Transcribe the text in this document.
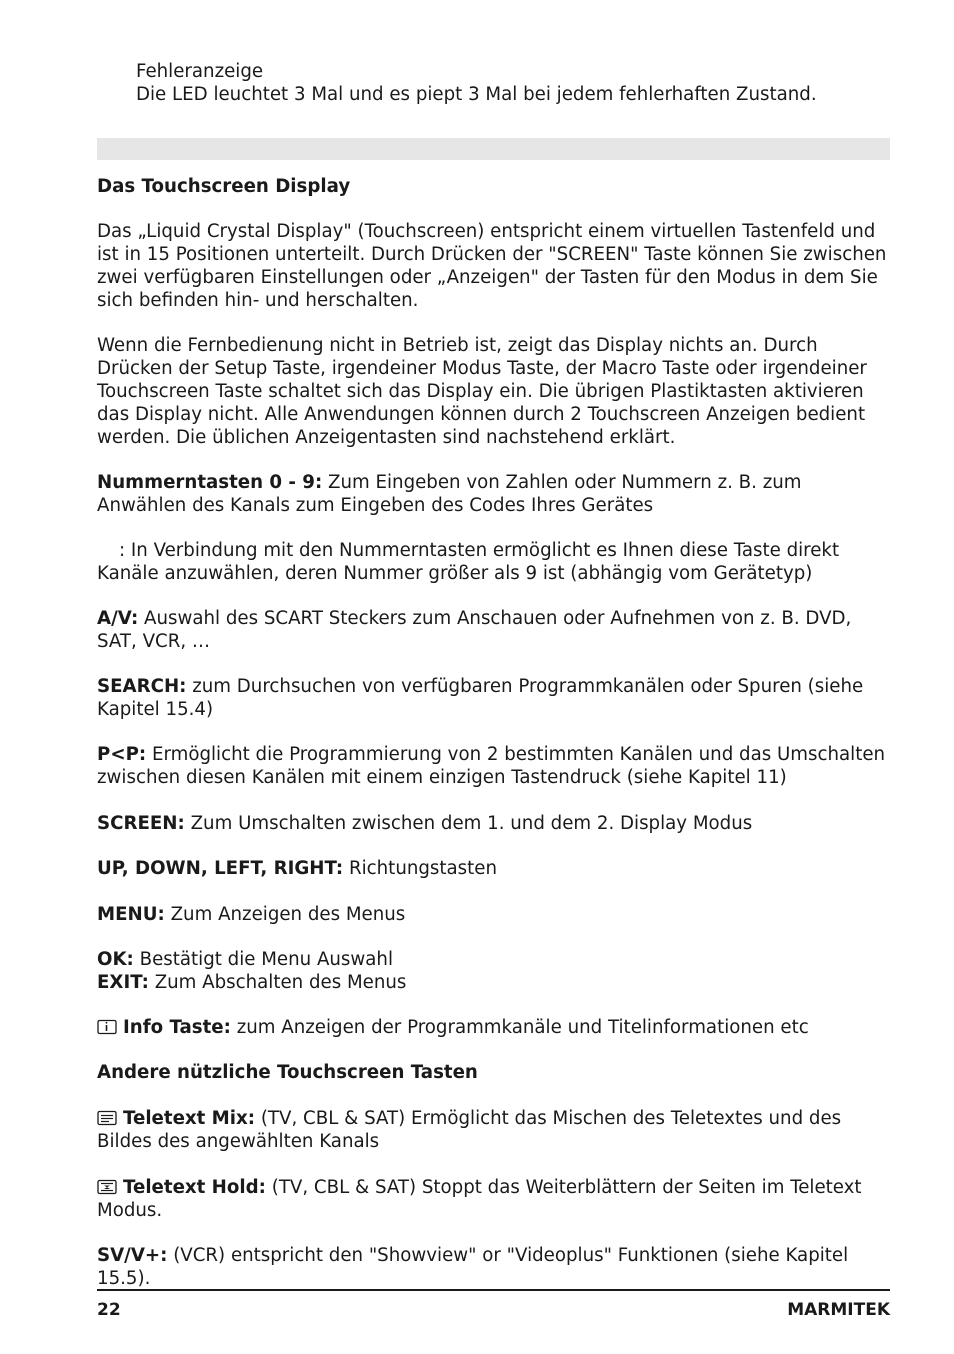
Fehleranzeige
Die LED leuchtet 3 Mal und es piept 3 Mal bei jedem fehlerhaften Zustand.

Das Touchscreen Display

Das „Liquid Crystal Display" (Touchscreen) entspricht einem virtuellen Tastenfeld und ist in 15 Positionen unterteilt. Durch Drücken der "SCREEN" Taste können Sie zwischen zwei verfügbaren Einstellungen oder „Anzeigen" der Tasten für den Modus in dem Sie sich befinden hin- und herschalten.

Wenn die Fernbedienung nicht in Betrieb ist, zeigt das Display nichts an. Durch Drücken der Setup Taste, irgendeiner Modus Taste, der Macro Taste oder irgendeiner Touchscreen Taste schaltet sich das Display ein. Die übrigen Plastiktasten aktivieren das Display nicht. Alle Anwendungen können durch 2 Touchscreen Anzeigen bedient werden. Die üblichen Anzeigentasten sind nachstehend erklärt.

Nummerntasten 0 - 9: Zum Eingeben von Zahlen oder Nummern z. B. zum Anwählen des Kanals zum Eingeben des Codes Ihres Gerätes

: In Verbindung mit den Nummerntasten ermöglicht es Ihnen diese Taste direkt Kanäle anzuwählen, deren Nummer größer als 9 ist (abhängig vom Gerätetyp)

A/V: Auswahl des SCART Steckers zum Anschauen oder Aufnehmen von z. B. DVD, SAT, VCR, …

SEARCH: zum Durchsuchen von verfügbaren Programmkanälen oder Spuren (siehe Kapitel 15.4)

P<P: Ermöglicht die Programmierung von 2 bestimmten Kanälen und das Umschalten zwischen diesen Kanälen mit einem einzigen Tastendruck (siehe Kapitel 11)

SCREEN: Zum Umschalten zwischen dem 1. und dem 2. Display Modus

UP, DOWN, LEFT, RIGHT: Richtungstasten

MENU: Zum Anzeigen des Menus

OK: Bestätigt die Menu Auswahl
EXIT: Zum Abschalten des Menus

Info Taste: zum Anzeigen der Programmkanäle und Titelinformationen etc

Andere nützliche Touchscreen Tasten

Teletext Mix: (TV, CBL & SAT) Ermöglicht das Mischen des Teletextes und des Bildes des angewählten Kanals

Teletext Hold: (TV, CBL & SAT) Stoppt das Weiterblättern der Seiten im Teletext Modus.

SV/V+: (VCR) entspricht den "Showview" or "Videoplus" Funktionen (siehe Kapitel 15.5).

22	MARMITEK
